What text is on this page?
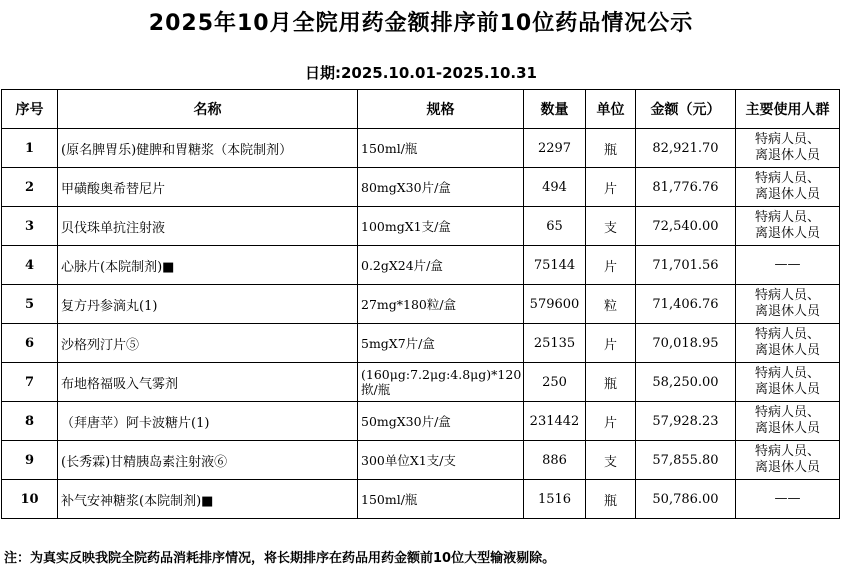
2025年10月全院用药金额排序前10位药品情况公示
日期:2025.10.01-2025.10.31
序号	名称	规格	数量	单位	金额（元）	主要使用人群
1	(原名脾胃乐)健脾和胃糖浆（本院制剂）	150ml/瓶	2297	瓶	82,921.70	特病人员、
离退休人员

2	甲磺酸奥希替尼片	80mgX30片/盒	494	片	81,776.76	特病人员、
离退休人员

3	贝伐珠单抗注射液	100mgX1支/盒	65	支	72,540.00	特病人员、
离退休人员

4	心脉片(本院制剂)■	0.2gX24片/盒	75144	片	71,701.56	——

5	复方丹参滴丸(1)	27mg*180粒/盒	579600	粒	71,406.76	特病人员、
离退休人员

6	沙格列汀片⑤	5mgX7片/盒	25135	片	70,018.95	特病人员、
离退休人员

7	布地格福吸入气雾剂	(160μg:7.2μg:4.8μg)*120揿/瓶	250	瓶	58,250.00	特病人员、
离退休人员

8	（拜唐苹）阿卡波糖片(1)	50mgX30片/盒	231442	片	57,928.23	特病人员、
离退休人员

9	(长秀霖)甘精胰岛素注射液⑥	300单位X1支/支	886	支	57,855.80	特病人员、
离退休人员

10	补气安神糖浆(本院制剂)■	150ml/瓶	1516	瓶	50,786.00	——
注：为真实反映我院全院药品消耗排序情况，将长期排序在药品用药金额前10位大型输液剔除。
